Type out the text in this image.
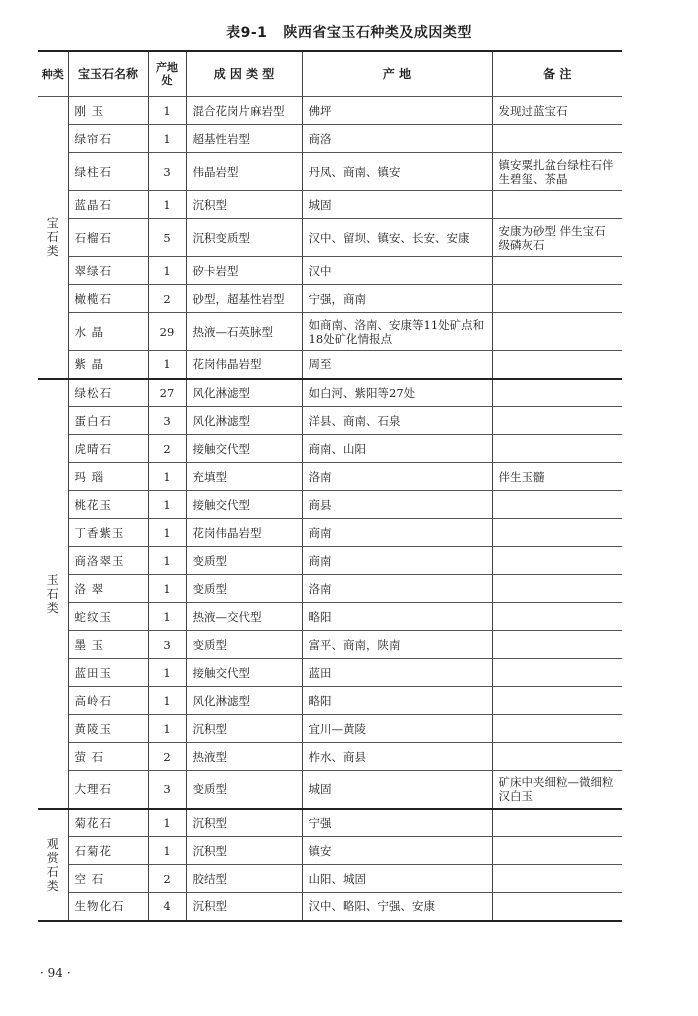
表9-1 陕西省宝玉石种类及成因类型
种类	宝玉石名称	产地处	成 因 类 型	产 地	备 注

宝
石
类	刚 玉	1	混合花岗片麻岩型	佛坪	发现过蓝宝石
	绿帘石	1	超基性岩型	商洛	
	绿柱石	3	伟晶岩型	丹凤、商南、镇安	镇安粟扎盆台绿柱石伴生碧玺、茶晶
	蓝晶石	1	沉积型	城固	
	石榴石	5	沉积变质型	汉中、留坝、镇安、长安、安康	安康为砂型 伴生宝石级磷灰石
	翠绿石	1	矽卡岩型	汉中	
	橄榄石	2	砂型，超基性岩型	宁强，商南	
	水 晶	29	热液—石英脉型	如商南、洛南、安康等11处矿点和18处矿化情报点	
	紫 晶	1	花岗伟晶岩型	周至	

玉
石
类	绿松石	27	风化淋滤型	如白河、紫阳等27处	
	蛋白石	3	风化淋滤型	洋县、商南、石泉	
	虎晴石	2	接触交代型	商南、山阳	
	玛 瑙	1	充填型	洛南	伴生玉髓
	桃花玉	1	接触交代型	商县	
	丁香紫玉	1	花岗伟晶岩型	商南	
	商洛翠玉	1	变质型	商南	
	洛 翠	1	变质型	洛南	
	蛇纹玉	1	热液—交代型	略阳	
	墨 玉	3	变质型	富平、商南，陕南	
	蓝田玉	1	接触交代型	蓝田	
	高岭石	1	风化淋滤型	略阳	
	黄陵玉	1	沉积型	宜川—黄陵	
	萤 石	2	热液型	柞水、商县	
	大理石	3	变质型	城固	矿床中夹细粒—微细粒汉白玉

观
赏
石
类	菊花石	1	沉积型	宁强	
	石菊花	1	沉积型	镇安	
	空 石	2	胶结型	山阳、城固	
	生物化石	4	沉积型	汉中、略阳、宁强、安康	
· 94 ·
